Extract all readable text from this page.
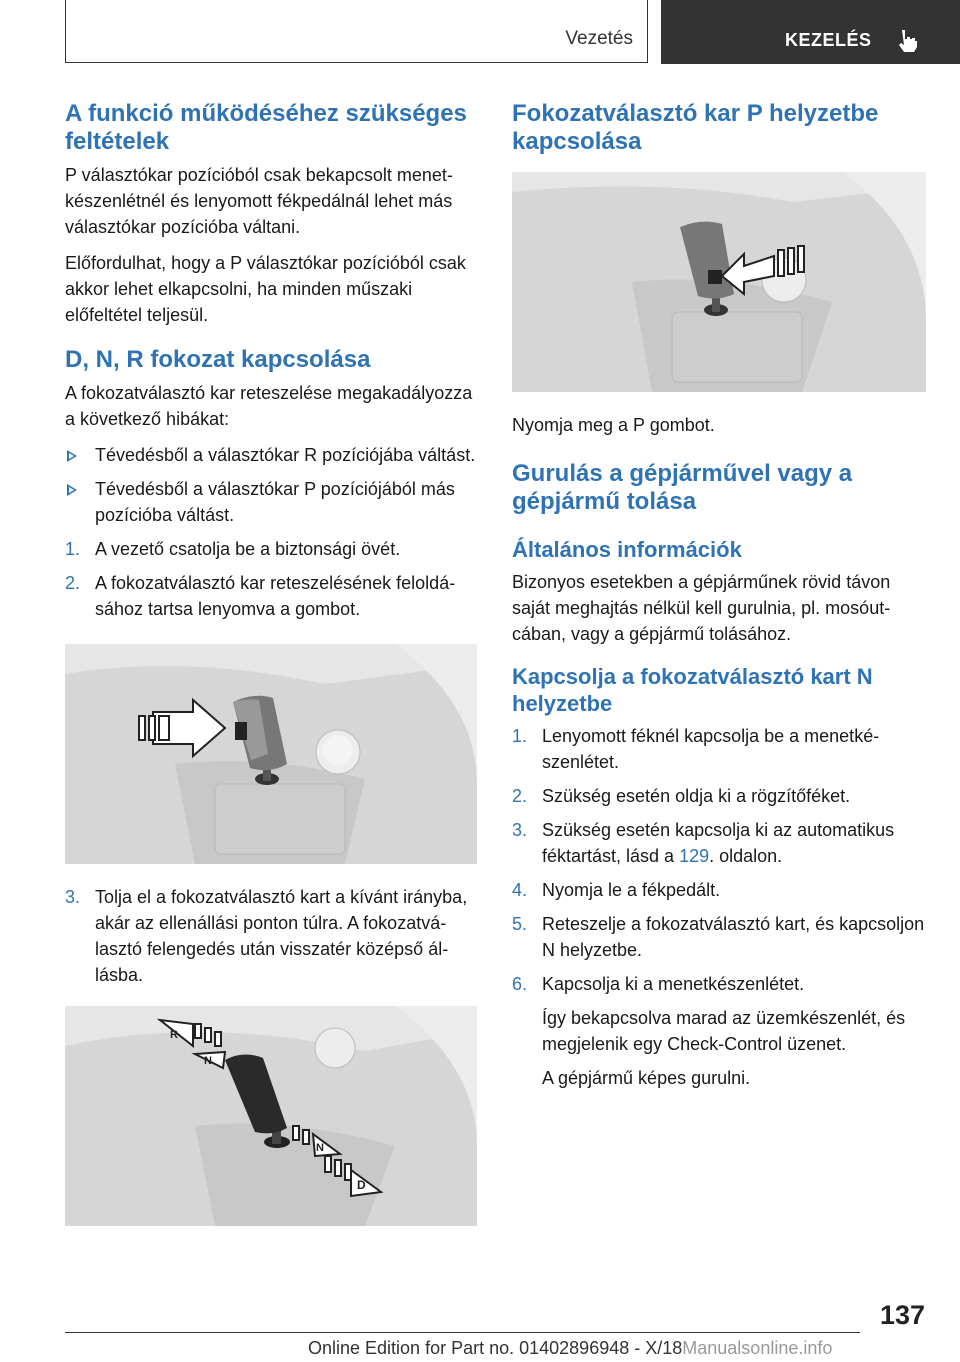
Vezetés	KEZELÉS
A funkció működéséhez szükséges feltételek

P választókar pozícióból csak bekapcsolt menetkészenlétnél és lenyomott fékpedálnál lehet más választókar pozícióba váltani.

Előfordulhat, hogy a P választókar pozícióból csak akkor lehet elkapcsolni, ha minden műszaki előfeltétel teljesül.

D, N, R fokozat kapcsolása

A fokozatválasztó kar reteszelése megakadályozza a következő hibákat:

Tévedésből a választókar R pozíciójába váltást.
Tévedésből a választókar P pozíciójából más pozícióba váltást.
1. A vezető csatolja be a biztonsági övét.
2. A fokozatválasztó kar reteszelésének feloldásához tartsa lenyomva a gombot.
3. Tolja el a fokozatválasztó kart a kívánt irányba, akár az ellenállási ponton túlra. A fokozatválasztó felengedés után visszatér középső állásba.
R
N
N
D
Fokozatválasztó kar P helyzetbe kapcsolása

Nyomja meg a P gombot.

Gurulás a gépjárművel vagy a gépjármű tolása
Általános információk

Bizonyos esetekben a gépjárműnek rövid távon saját meghajtás nélkül kell gurulnia, pl. mosóutcában, vagy a gépjármű tolásához.

Kapcsolja a fokozatválasztó kart N helyzetbe
1. Lenyomott féknél kapcsolja be a menetkészenlétet.
2. Szükség esetén oldja ki a rögzítőféket.
3. Szükség esetén kapcsolja ki az automatikus féktartást, lásd a 129. oldalon.
4. Nyomja le a fékpedált.
5. Reteszelje a fokozatválasztó kart, és kapcsoljon N helyzetbe.
6. Kapcsolja ki a menetkészenlétet.
Így bekapcsolva marad az üzemkészenlét, és megjelenik egy Check-Control üzenet.
A gépjármű képes gurulni.
137
Online Edition for Part no. 01402896948 - X/18Manualsonline.info
